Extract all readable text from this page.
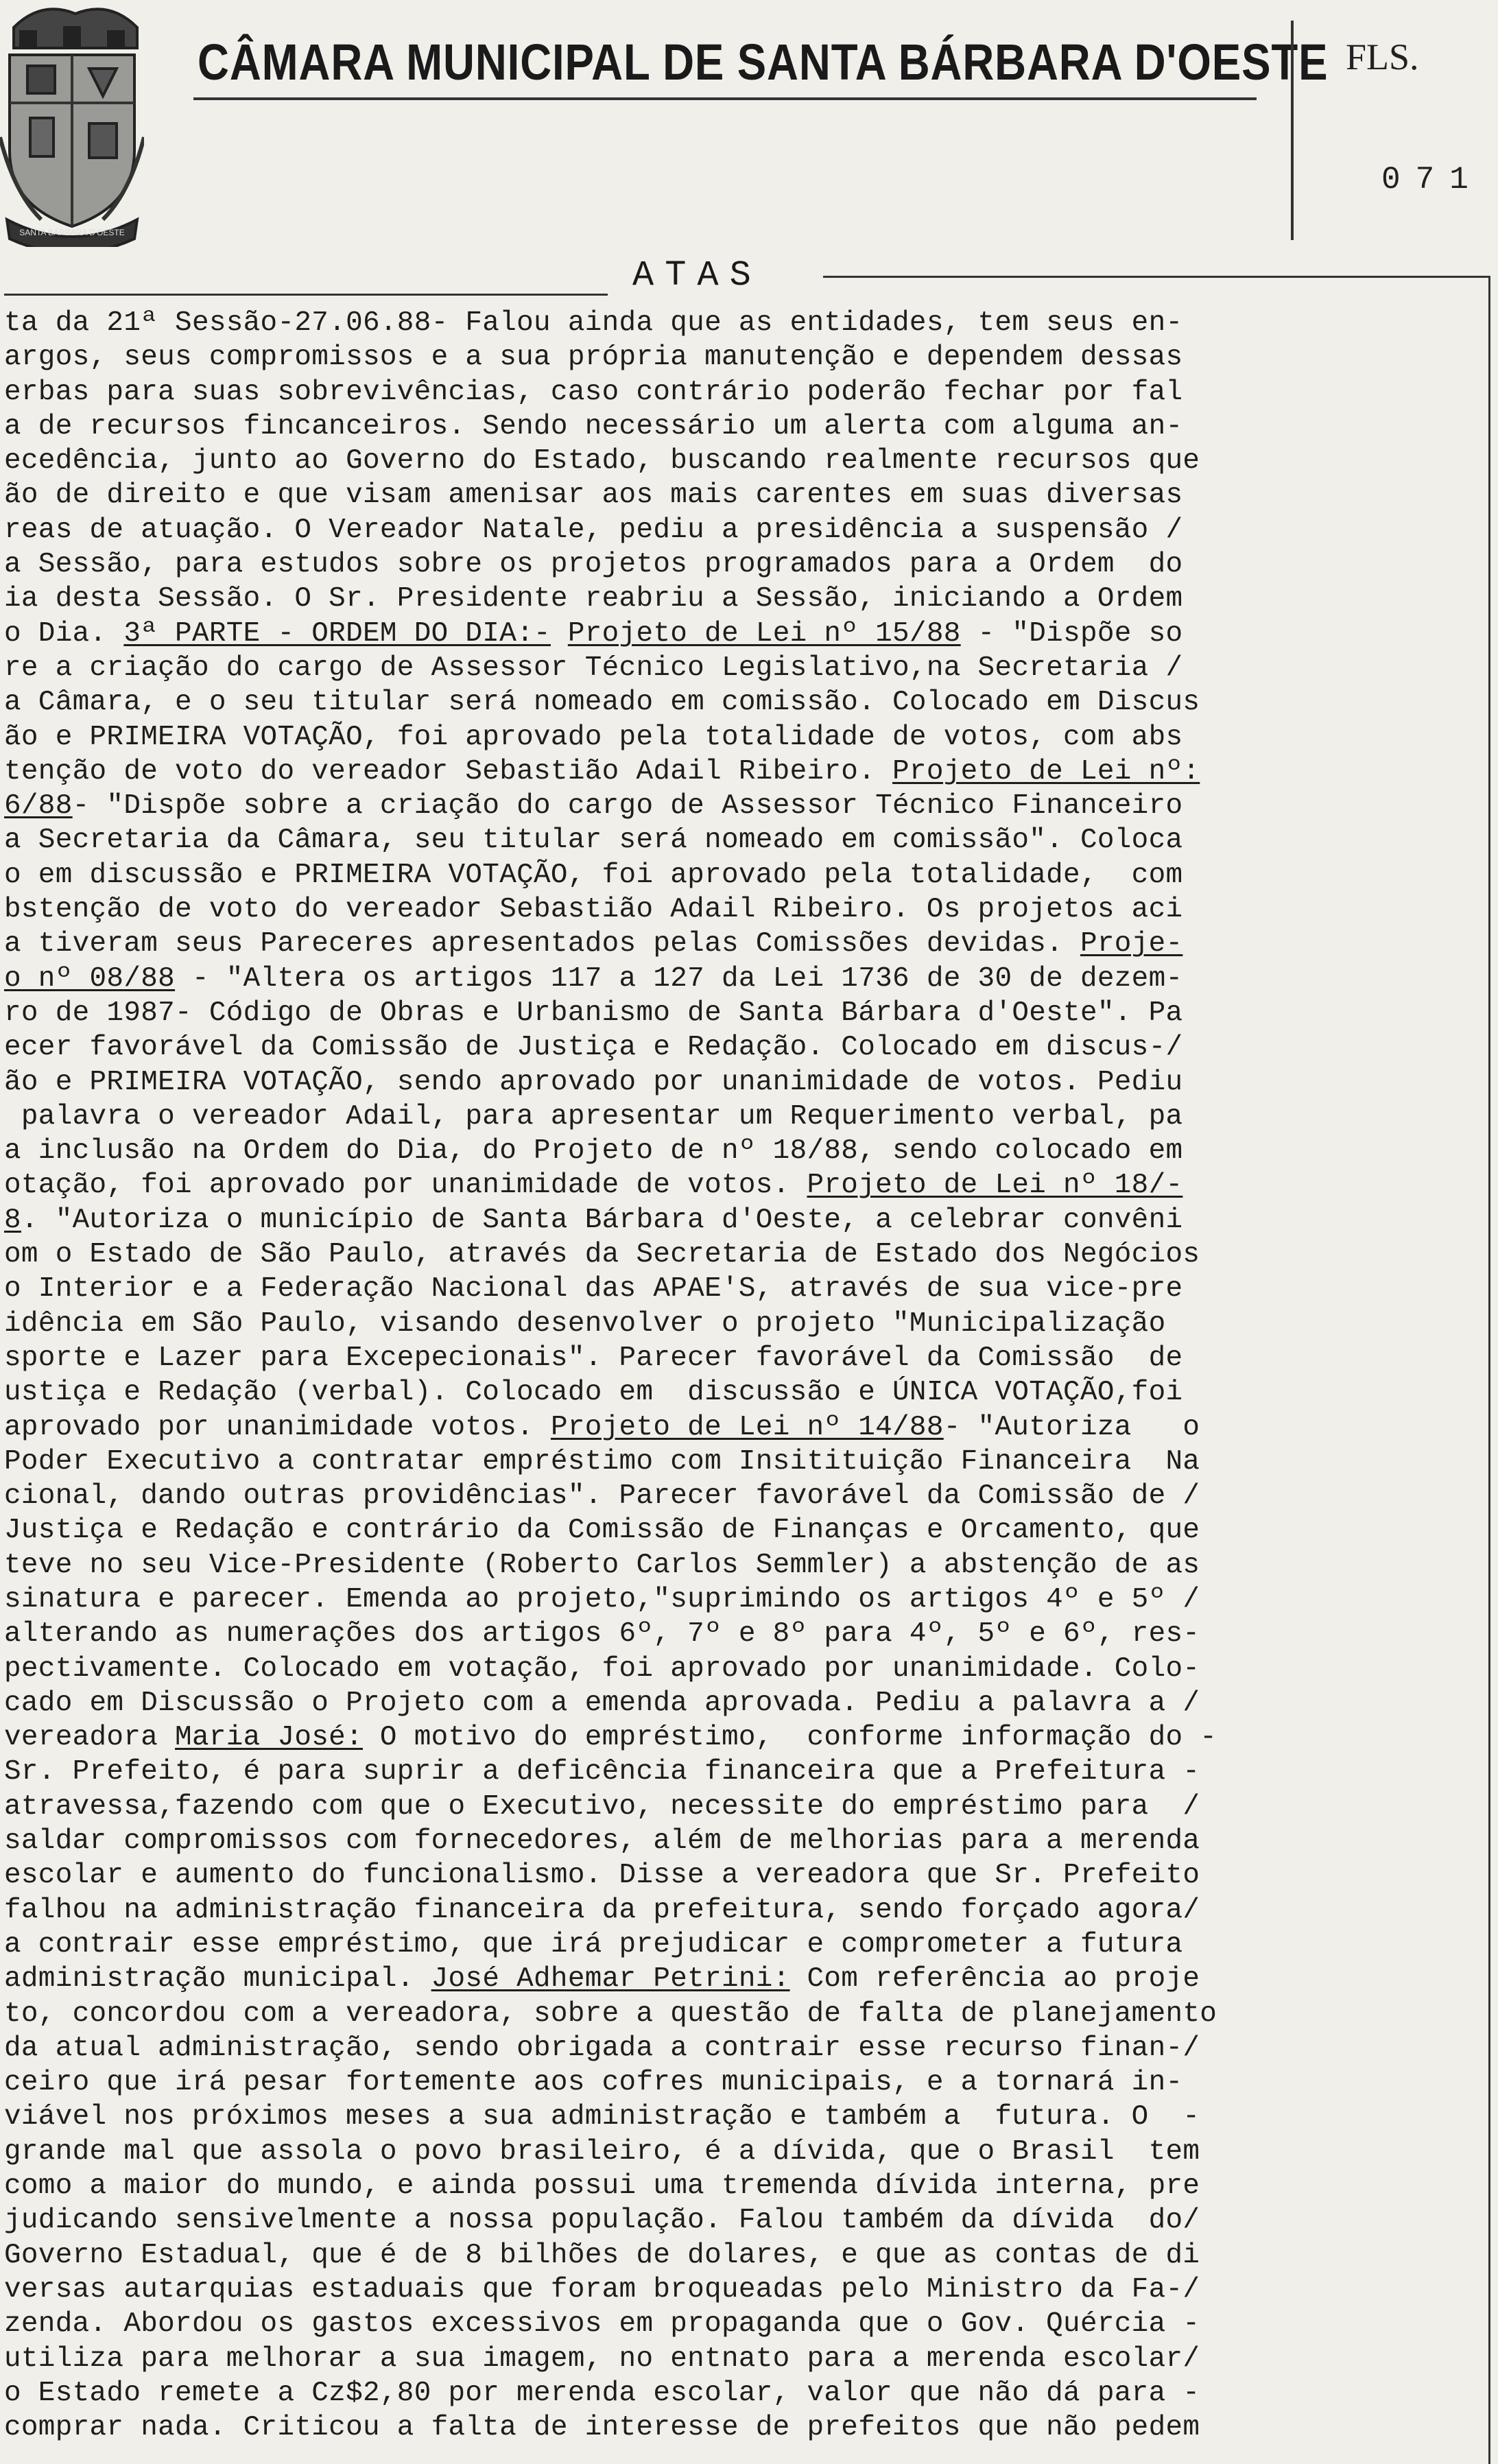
SANTA BÁRBARA D'OESTE
CÂMARA MUNICIPAL DE SANTA BÁRBARA D'OESTE FLS.
071
ATAS
ta da 21ª Sessão-27.06.88- Falou ainda que as entidades, tem seus en-
argos, seus compromissos e a sua própria manutenção e dependem dessas
erbas para suas sobrevivências, caso contrário poderão fechar por fal
a de recursos fincanceiros. Sendo necessário um alerta com alguma an-
ecedência, junto ao Governo do Estado, buscando realmente recursos que
ão de direito e que visam amenisar aos mais carentes em suas diversas
reas de atuação. O Vereador Natale, pediu a presidência a suspensão /
a Sessão, para estudos sobre os projetos programados para a Ordem  do
ia desta Sessão. O Sr. Presidente reabriu a Sessão, iniciando a Ordem
o Dia. 3ª PARTE - ORDEM DO DIA:- Projeto de Lei nº 15/88 - "Dispõe so
re a criação do cargo de Assessor Técnico Legislativo,na Secretaria /
a Câmara, e o seu titular será nomeado em comissão. Colocado em Discus
ão e PRIMEIRA VOTAÇÃO, foi aprovado pela totalidade de votos, com abs
tenção de voto do vereador Sebastião Adail Ribeiro. Projeto de Lei nº:
6/88- "Dispõe sobre a criação do cargo de Assessor Técnico Financeiro
a Secretaria da Câmara, seu titular será nomeado em comissão". Coloca
o em discussão e PRIMEIRA VOTAÇÃO, foi aprovado pela totalidade,  com
bstenção de voto do vereador Sebastião Adail Ribeiro. Os projetos aci
a tiveram seus Pareceres apresentados pelas Comissões devidas. Proje-
o nº 08/88 - "Altera os artigos 117 a 127 da Lei 1736 de 30 de dezem-
ro de 1987- Código de Obras e Urbanismo de Santa Bárbara d'Oeste". Pa
ecer favorável da Comissão de Justiça e Redação. Colocado em discus-/
ão e PRIMEIRA VOTAÇÃO, sendo aprovado por unanimidade de votos. Pediu
palavra o vereador Adail, para apresentar um Requerimento verbal, pa
a inclusão na Ordem do Dia, do Projeto de nº 18/88, sendo colocado em
otação, foi aprovado por unanimidade de votos. Projeto de Lei nº 18/-
8. "Autoriza o município de Santa Bárbara d'Oeste, a celebrar convêni
om o Estado de São Paulo, através da Secretaria de Estado dos Negócios
o Interior e a Federação Nacional das APAE'S, através de sua vice-pre
idência em São Paulo, visando desenvolver o projeto "Municipalização
sporte e Lazer para Excepecionais". Parecer favorável da Comissão  de
ustiça e Redação (verbal). Colocado em  discussão e ÚNICA VOTAÇÃO,foi
aprovado por unanimidade votos. Projeto de Lei nº 14/88- "Autoriza   o
Poder Executivo a contratar empréstimo com Insitituição Financeira  Na
cional, dando outras providências". Parecer favorável da Comissão de /
Justiça e Redação e contrário da Comissão de Finanças e Orcamento, que
teve no seu Vice-Presidente (Roberto Carlos Semmler) a abstenção de as
sinatura e parecer. Emenda ao projeto,"suprimindo os artigos 4º e 5º /
alterando as numerações dos artigos 6º, 7º e 8º para 4º, 5º e 6º, res-
pectivamente. Colocado em votação, foi aprovado por unanimidade. Colo-
cado em Discussão o Projeto com a emenda aprovada. Pediu a palavra a /
vereadora Maria José: O motivo do empréstimo,  conforme informação do -
Sr. Prefeito, é para suprir a deficência financeira que a Prefeitura -
atravessa,fazendo com que o Executivo, necessite do empréstimo para  /
saldar compromissos com fornecedores, além de melhorias para a merenda
escolar e aumento do funcionalismo. Disse a vereadora que Sr. Prefeito
falhou na administração financeira da prefeitura, sendo forçado agora/
a contrair esse empréstimo, que irá prejudicar e comprometer a futura
administração municipal. José Adhemar Petrini: Com referência ao proje
to, concordou com a vereadora, sobre a questão de falta de planejamento
da atual administração, sendo obrigada a contrair esse recurso finan-/
ceiro que irá pesar fortemente aos cofres municipais, e a tornará in-
viável nos próximos meses a sua administração e também a  futura. O  -
grande mal que assola o povo brasileiro, é a dívida, que o Brasil  tem
como a maior do mundo, e ainda possui uma tremenda dívida interna, pre
judicando sensivelmente a nossa população. Falou também da dívida  do/
Governo Estadual, que é de 8 bilhões de dolares, e que as contas de di
versas autarquias estaduais que foram broqueadas pelo Ministro da Fa-/
zenda. Abordou os gastos excessivos em propaganda que o Gov. Quércia -
utiliza para melhorar a sua imagem, no entnato para a merenda escolar/
o Estado remete a Cz$2,80 por merenda escolar, valor que não dá para -
comprar nada. Criticou a falta de interesse de prefeitos que não pedem
